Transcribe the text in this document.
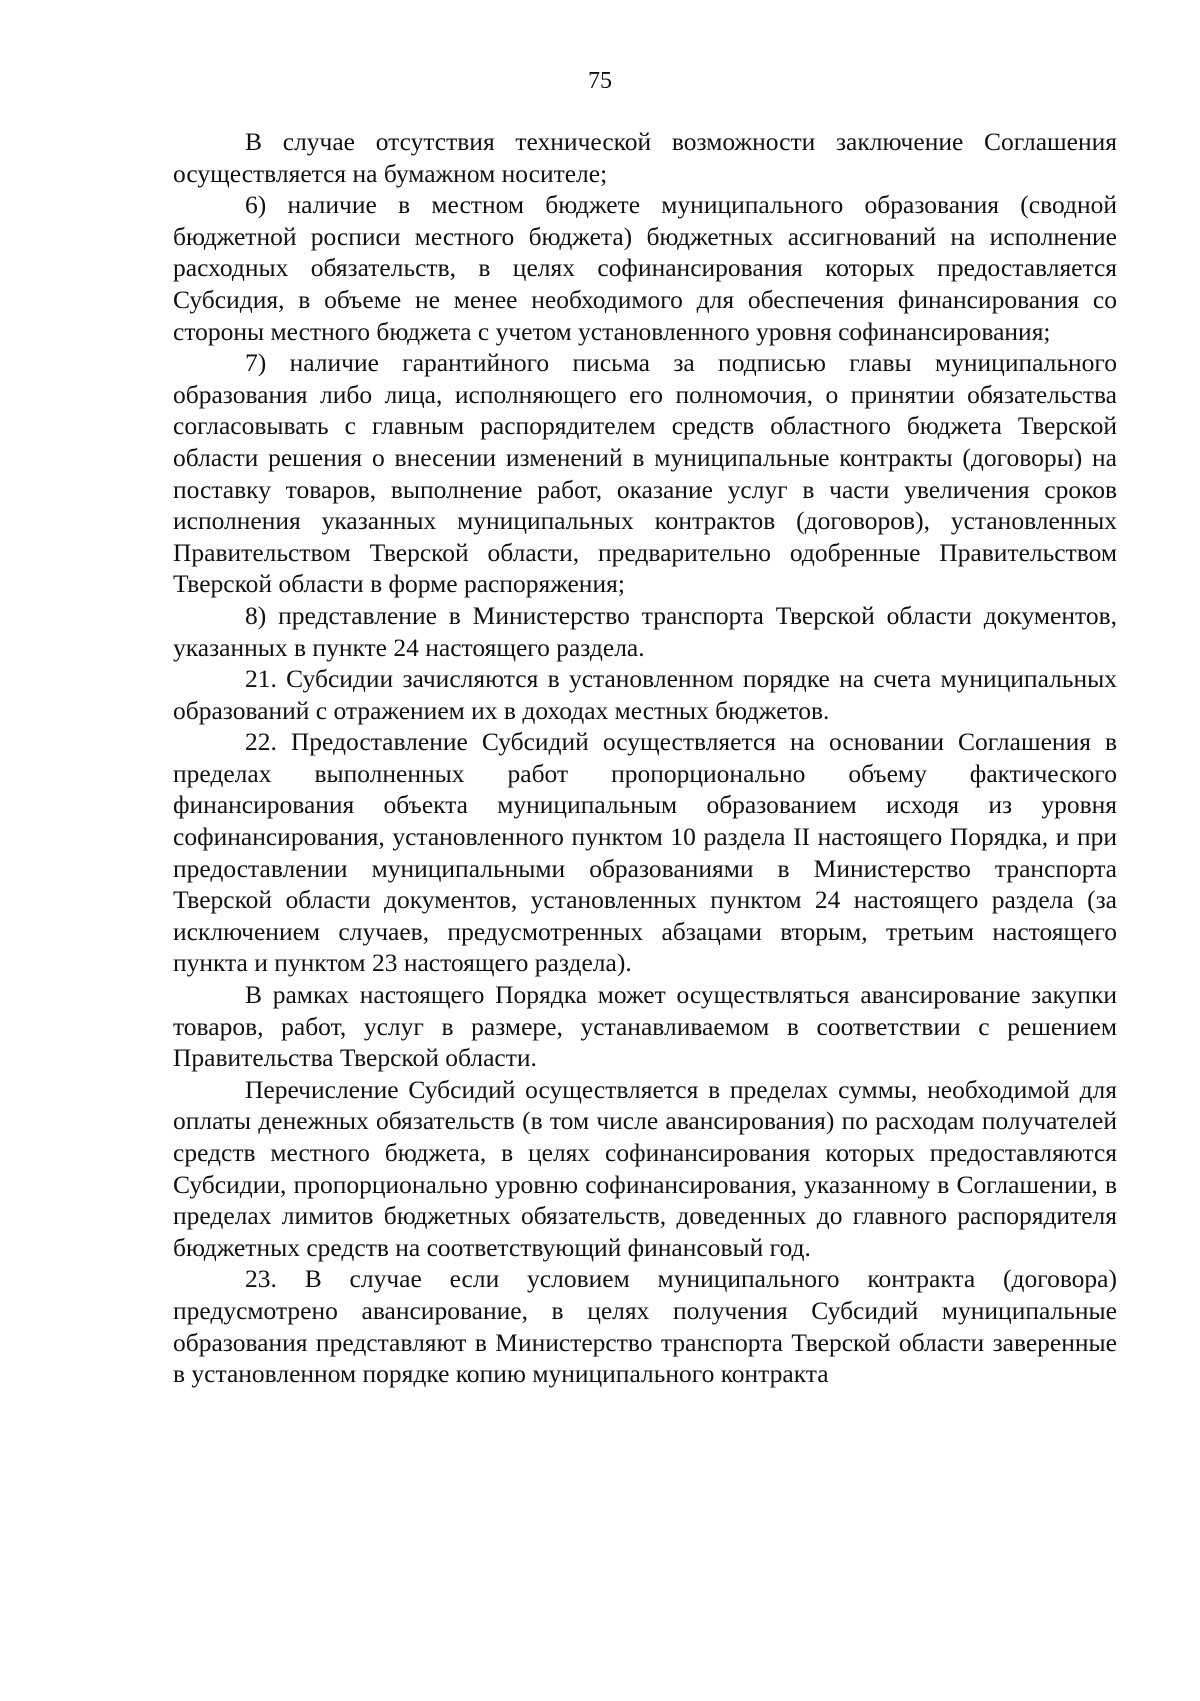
75

В случае отсутствия технической возможности заключение Соглашения осуществляется на бумажном носителе;

6) наличие в местном бюджете муниципального образования (сводной бюджетной росписи местного бюджета) бюджетных ассигнований на исполнение расходных обязательств, в целях софинансирования которых предоставляется Субсидия, в объеме не менее необходимого для обеспечения финансирования со стороны местного бюджета с учетом установленного уровня софинансирования;

7) наличие гарантийного письма за подписью главы муниципального образования либо лица, исполняющего его полномочия, о принятии обязательства согласовывать с главным распорядителем средств областного бюджета Тверской области решения о внесении изменений в муниципальные контракты (договоры) на поставку товаров, выполнение работ, оказание услуг в части увеличения сроков исполнения указанных муниципальных контрактов (договоров), установленных Правительством Тверской области, предварительно одобренные Правительством Тверской области в форме распоряжения;

8) представление в Министерство транспорта Тверской области документов, указанных в пункте 24 настоящего раздела.

21. Субсидии зачисляются в установленном порядке на счета муниципальных образований с отражением их в доходах местных бюджетов.

22. Предоставление Субсидий осуществляется на основании Соглашения в пределах выполненных работ пропорционально объему фактического финансирования объекта муниципальным образованием исходя из уровня софинансирования, установленного пунктом 10 раздела II настоящего Порядка, и при предоставлении муниципальными образованиями в Министерство транспорта Тверской области документов, установленных пунктом 24 настоящего раздела (за исключением случаев, предусмотренных абзацами вторым, третьим настоящего пункта и пунктом 23 настоящего раздела).

В рамках настоящего Порядка может осуществляться авансирование закупки товаров, работ, услуг в размере, устанавливаемом в соответствии с решением Правительства Тверской области.

Перечисление Субсидий осуществляется в пределах суммы, необходимой для оплаты денежных обязательств (в том числе авансирования) по расходам получателей средств местного бюджета, в целях софинансирования которых предоставляются Субсидии, пропорционально уровню софинансирования, указанному в Соглашении, в пределах лимитов бюджетных обязательств, доведенных до главного распорядителя бюджетных средств на соответствующий финансовый год.

23. В случае если условием муниципального контракта (договора) предусмотрено авансирование, в целях получения Субсидий муниципальные образования представляют в Министерство транспорта Тверской области заверенные в установленном порядке копию муниципального контракта
